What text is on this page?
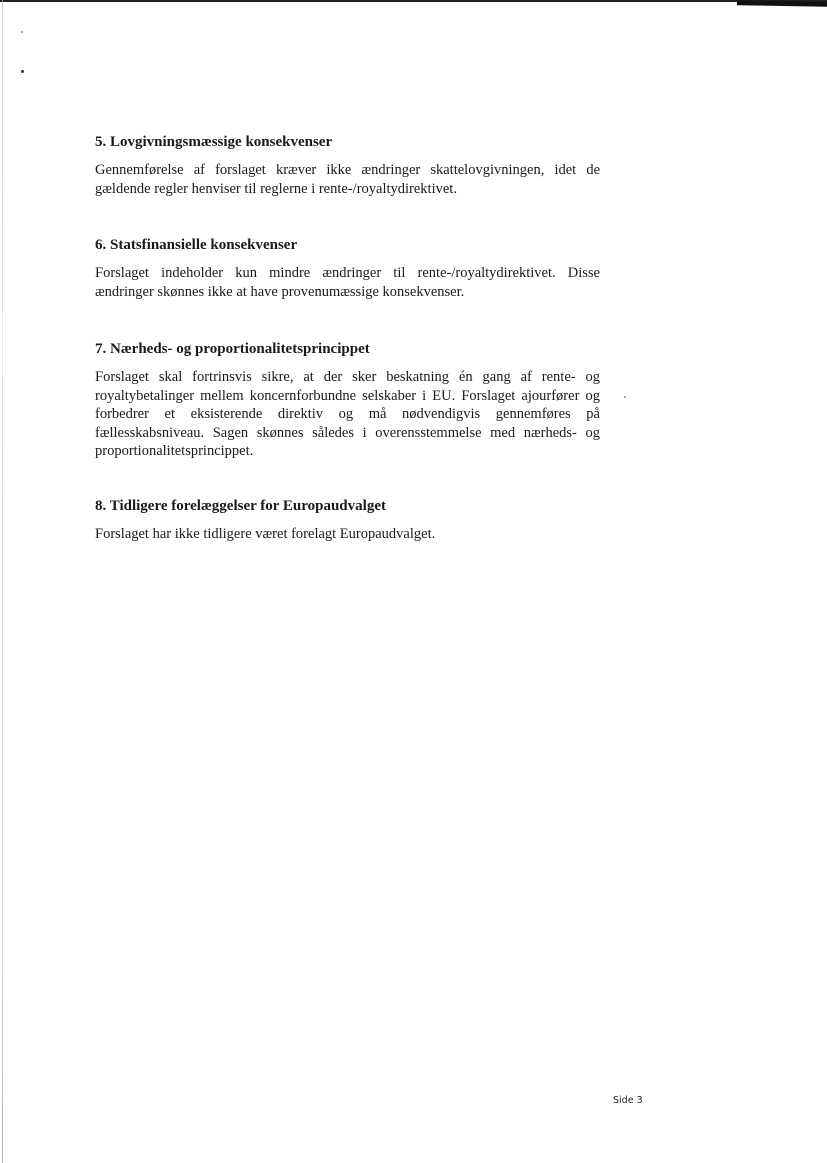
5. Lovgivningsmæssige konsekvenser

Gennemførelse af forslaget kræver ikke ændringer skattelovgivningen, idet de gældende regler henviser til reglerne i rente-/royaltydirektivet.

6. Statsfinansielle konsekvenser

Forslaget indeholder kun mindre ændringer til rente-/royaltydirektivet. Disse ændringer skønnes ikke at have provenumæssige konsekvenser.

7. Nærheds- og proportionalitetsprincippet

Forslaget skal fortrinsvis sikre, at der sker beskatning én gang af rente- og royaltybetalinger mellem koncernforbundne selskaber i EU. Forslaget ajourfører og forbedrer et eksisterende direktiv og må nødvendigvis gennemføres på fællesskabsniveau. Sagen skønnes således i overensstemmelse med nærheds- og proportionalitetsprincippet.

8. Tidligere forelæggelser for Europaudvalget

Forslaget har ikke tidligere været forelagt Europaudvalget.

Side 3
